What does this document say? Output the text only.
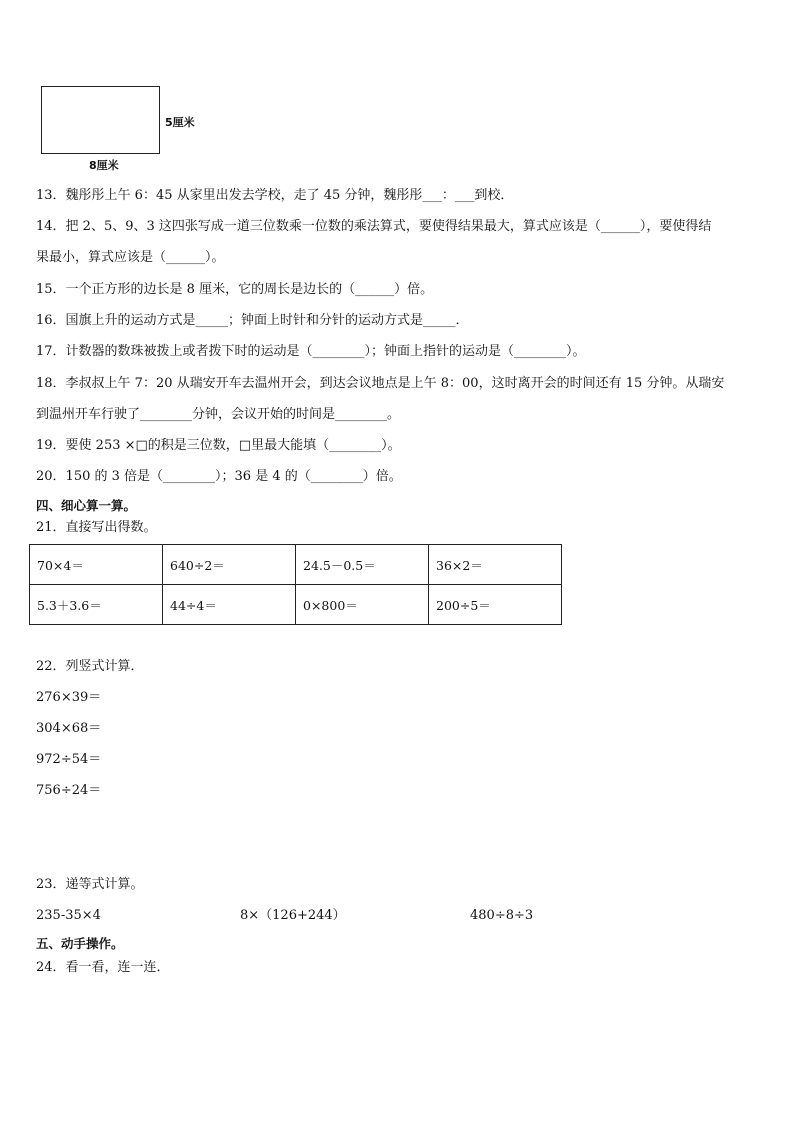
5厘米
8厘米
13．魏彤彤上午 6：45 从家里出发去学校，走了 45 分钟，魏彤彤___：___到校．
14．把 2、5、9、3 这四张写成一道三位数乘一位数的乘法算式，要使得结果最大，算式应该是（______），要使得结
果最小，算式应该是（______）。
15．一个正方形的边长是 8 厘米，它的周长是边长的（______）倍。
16．国旗上升的运动方式是_____；钟面上时针和分针的运动方式是_____．
17．计数器的数珠被拨上或者拨下时的运动是（________）；钟面上指针的运动是（________）。
18．李叔叔上午 7：20 从瑞安开车去温州开会，到达会议地点是上午 8：00，这时离开会的时间还有 15 分钟。从瑞安
到温州开车行驶了________分钟，会议开始的时间是________。
19．要使 253 ×□的积是三位数，□里最大能填（________）。
20．150 的 3 倍是（________）；36 是 4 的（________）倍。
四、细心算一算。
21．直接写出得数。
70×4＝	640÷2＝	24.5－0.5＝	36×2＝
5.3＋3.6＝	44÷4＝	0×800＝	200÷5＝
22．列竖式计算．
276×39＝
304×68＝
972÷54＝
756÷24＝
23．递等式计算。
235-35×4	8×（126+244）	480÷8÷3
五、动手操作。
24．看一看，连一连．
